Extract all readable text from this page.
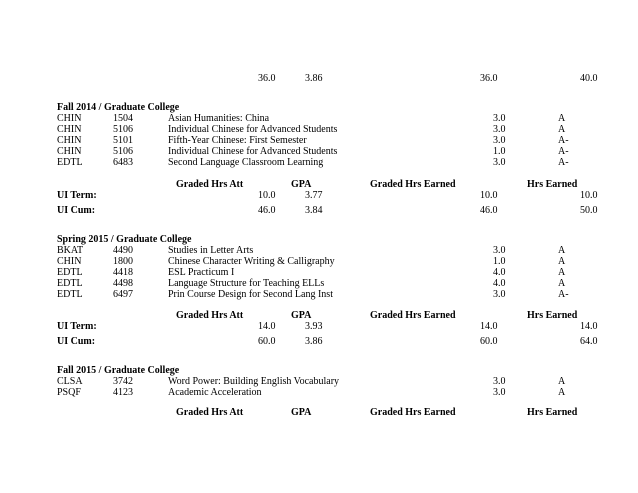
36.0	3.86	36.0	40.0
Fall 2014 / Graduate College
CHIN	1504	Asian Humanities: China	3.0	A
CHIN	5106	Individual Chinese for Advanced Students	3.0	A
CHIN	5101	Fifth-Year Chinese: First Semester	3.0	A-
CHIN	5106	Individual Chinese for Advanced Students	1.0	A-
EDTL	6483	Second Language Classroom Learning	3.0	A-
Graded Hrs Att	GPA	Graded Hrs Earned	Hrs Earned
UI Term:	10.0	3.77	10.0	10.0
UI Cum:	46.0	3.84	46.0	50.0
Spring 2015 / Graduate College
BKAT	4490	Studies in Letter Arts	3.0	A
CHIN	1800	Chinese Character Writing & Calligraphy	1.0	A
EDTL	4418	ESL Practicum I	4.0	A
EDTL	4498	Language Structure for Teaching ELLs	4.0	A
EDTL	6497	Prin Course Design for Second Lang Inst	3.0	A-
Graded Hrs Att	GPA	Graded Hrs Earned	Hrs Earned
UI Term:	14.0	3.93	14.0	14.0
UI Cum:	60.0	3.86	60.0	64.0
Fall 2015 / Graduate College
CLSA	3742	Word Power: Building English Vocabulary	3.0	A
PSQF	4123	Academic Acceleration	3.0	A
Graded Hrs Att	GPA	Graded Hrs Earned	Hrs Earned
